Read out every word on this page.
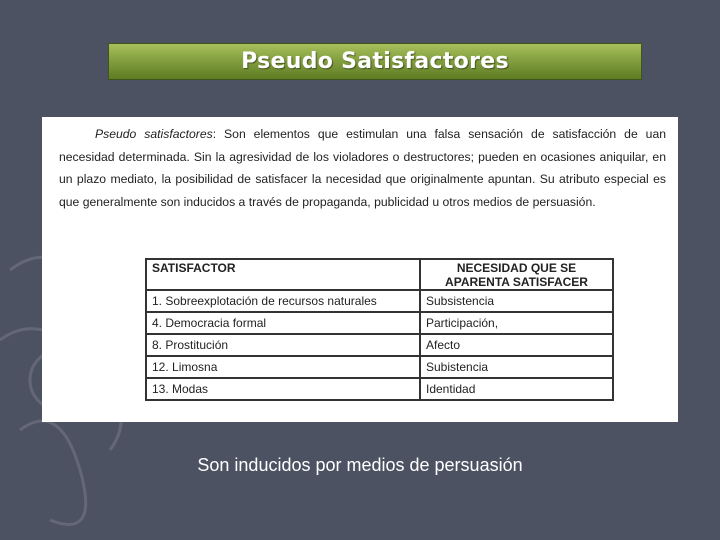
Pseudo Satisfactores
Pseudo satisfactores: Son elementos que estimulan una falsa sensación de satisfacción de uan necesidad determinada. Sin la agresividad de los violadores o destructores; pueden en ocasiones aniquilar, en un plazo mediato, la posibilidad de satisfacer la necesidad que originalmente apuntan. Su atributo especial es que generalmente son inducidos a través de propaganda, publicidad u otros medios de persuasión.
SATISFACTOR	NECESIDAD QUE SE APARENTA SATISFACER
1. Sobreexplotación de recursos naturales	Subsistencia
4. Democracia formal	Participación,
8. Prostitución	Afecto
12. Limosna	Subistencia
13. Modas	Identidad
Son inducidos por medios de persuasión
